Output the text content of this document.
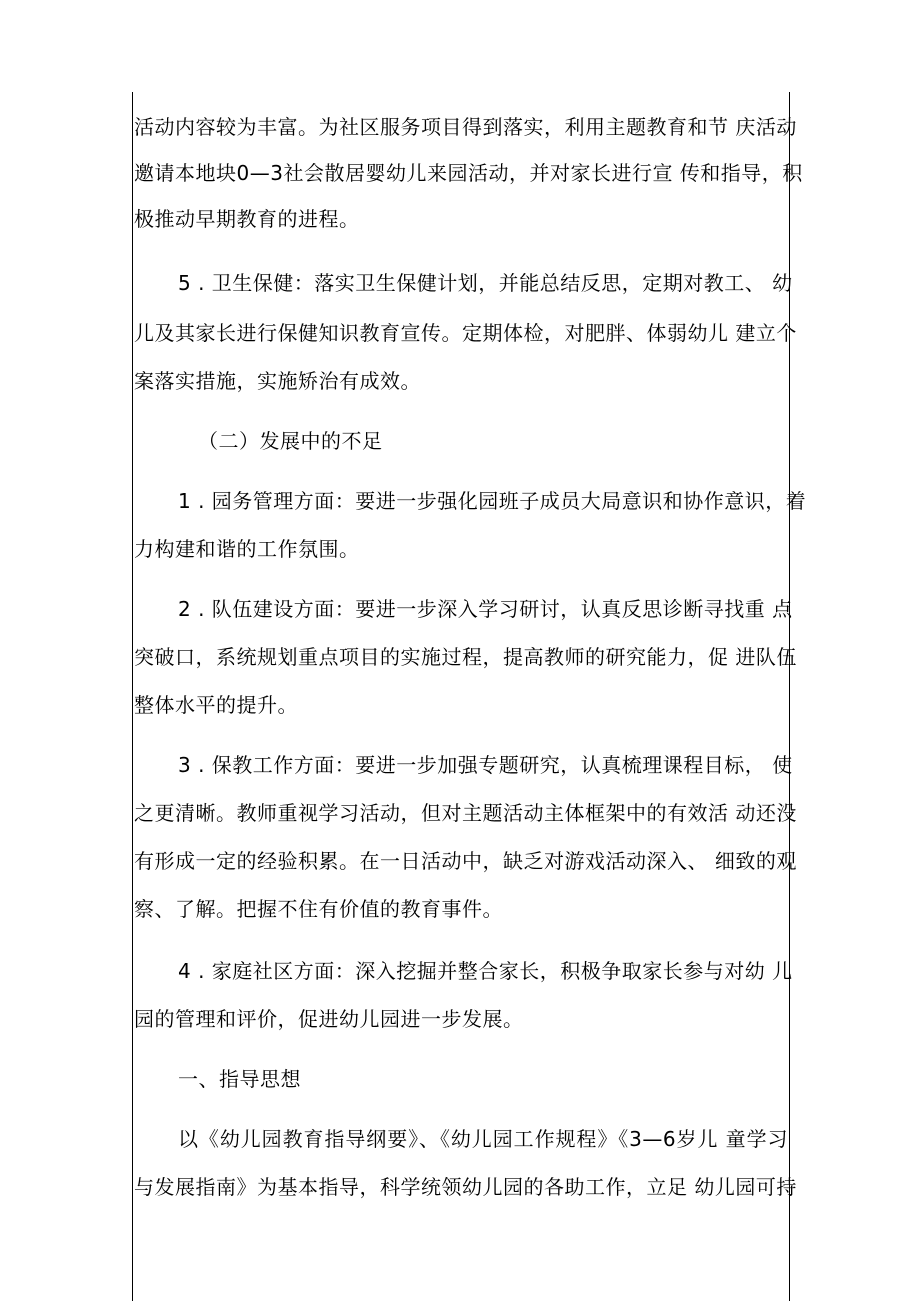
活动内容较为丰富。为社区服务项目得到落实，利用主题教育和节 庆活动
邀请本地块0—3社会散居婴幼儿来园活动，并对家长进行宣 传和指导，积
极推动早期教育的进程。
5 . 卫生保健：落实卫生保健计划，并能总结反思，定期对教工、 幼
儿及其家长进行保健知识教育宣传。定期体检，对肥胖、体弱幼儿 建立个
案落实措施，实施矫治有成效。
（二）发展中的不足
1 . 园务管理方面：要进一步强化园班子成员大局意识和协作意识，着
力构建和谐的工作氛围。
2 . 队伍建设方面：要进一步深入学习研讨，认真反思诊断寻找重 点
突破口，系统规划重点项目的实施过程，提高教师的研究能力，促 进队伍
整体水平的提升。
3 . 保教工作方面：要进一步加强专题研究，认真梳理课程目标， 使
之更清晰。教师重视学习活动，但对主题活动主体框架中的有效活 动还没
有形成一定的经验积累。在一日活动中，缺乏对游戏活动深入、 细致的观
察、了解。把握不住有价值的教育事件。
4 . 家庭社区方面：深入挖掘并整合家长，积极争取家长参与对幼 儿
园的管理和评价，促进幼儿园进一步发展。
一、指导思想
以《幼儿园教育指导纲要》、《幼儿园工作规程》《3—6岁儿 童学习
与发展指南》为基本指导，科学统领幼儿园的各助工作，立足 幼儿园可持
